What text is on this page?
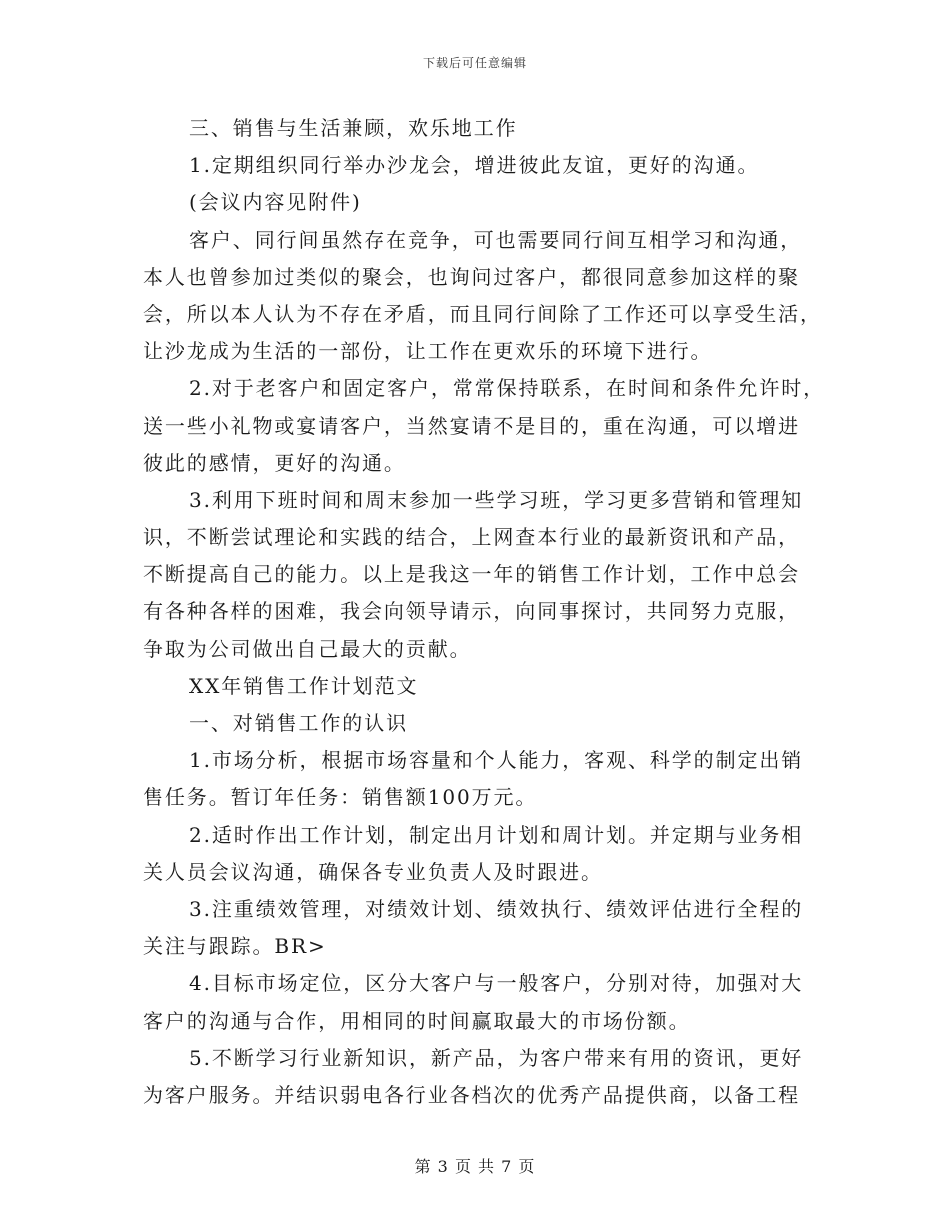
下载后可任意编辑
三、销售与生活兼顾，欢乐地工作
1.定期组织同行举办沙龙会，增进彼此友谊，更好的沟通。
(会议内容见附件)
客户、同行间虽然存在竞争，可也需要同行间互相学习和沟通，
本人也曾参加过类似的聚会，也询问过客户，都很同意参加这样的聚
会，所以本人认为不存在矛盾，而且同行间除了工作还可以享受生活，
让沙龙成为生活的一部份，让工作在更欢乐的环境下进行。
2.对于老客户和固定客户，常常保持联系，在时间和条件允许时，
送一些小礼物或宴请客户，当然宴请不是目的，重在沟通，可以增进
彼此的感情，更好的沟通。
3.利用下班时间和周末参加一些学习班，学习更多营销和管理知
识，不断尝试理论和实践的结合，上网查本行业的最新资讯和产品，
不断提高自己的能力。以上是我这一年的销售工作计划，工作中总会
有各种各样的困难，我会向领导请示，向同事探讨，共同努力克服，
争取为公司做出自己最大的贡献。
XX年销售工作计划范文
一、对销售工作的认识
1.市场分析，根据市场容量和个人能力，客观、科学的制定出销
售任务。暂订年任务：销售额100万元。
2.适时作出工作计划，制定出月计划和周计划。并定期与业务相
关人员会议沟通，确保各专业负责人及时跟进。
3.注重绩效管理，对绩效计划、绩效执行、绩效评估进行全程的
关注与跟踪。BR>
4.目标市场定位，区分大客户与一般客户，分别对待，加强对大
客户的沟通与合作，用相同的时间赢取最大的市场份额。
5.不断学习行业新知识，新产品，为客户带来有用的资讯，更好
为客户服务。并结识弱电各行业各档次的优秀产品提供商，以备工程
第 3 页 共 7 页
